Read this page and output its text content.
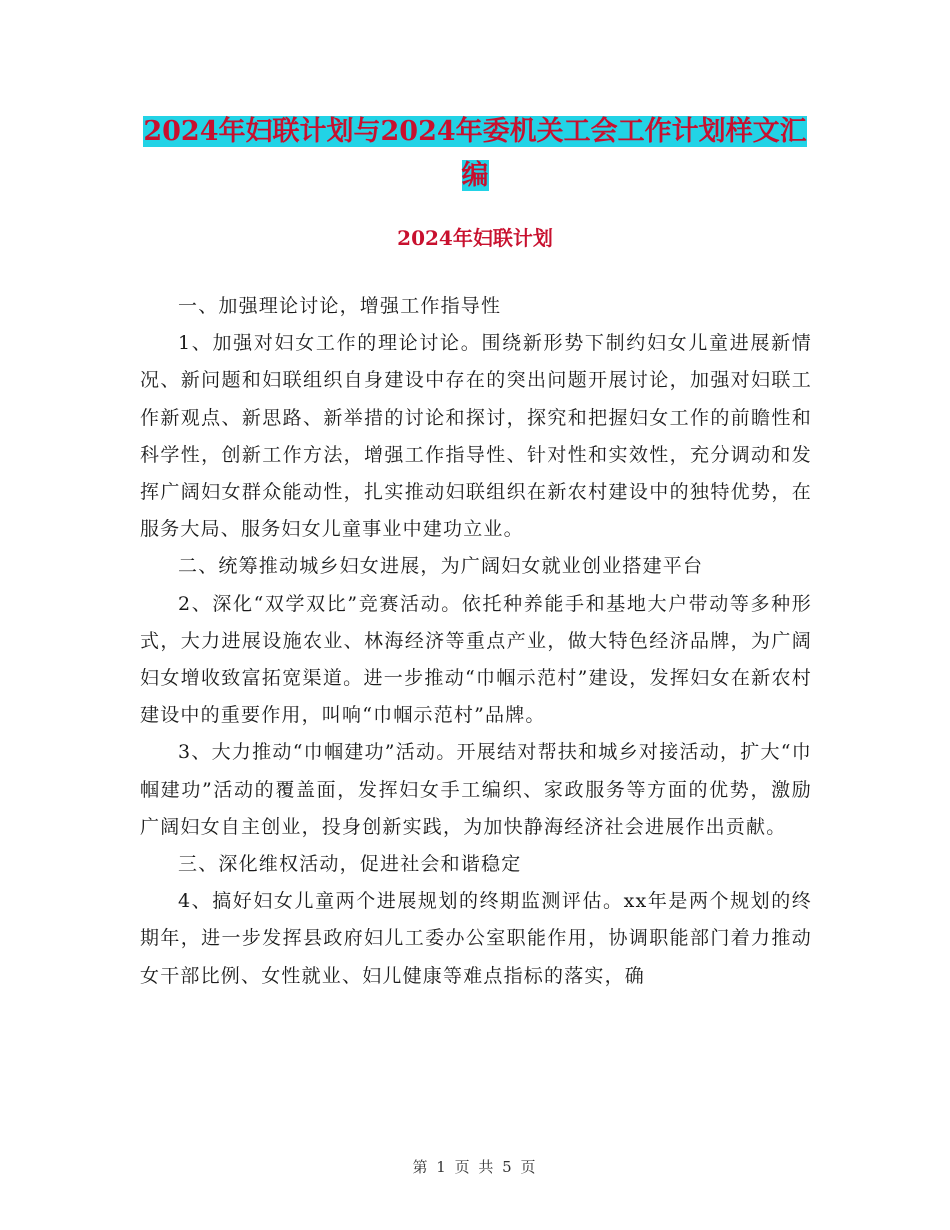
2024年妇联计划与2024年委机关工会工作计划样文汇
编
2024年妇联计划

一、加强理论讨论，增强工作指导性

1、加强对妇女工作的理论讨论。围绕新形势下制约妇女儿童进展新情况、新问题和妇联组织自身建设中存在的突出问题开展讨论，加强对妇联工作新观点、新思路、新举措的讨论和探讨，探究和把握妇女工作的前瞻性和科学性，创新工作方法，增强工作指导性、针对性和实效性，充分调动和发挥广阔妇女群众能动性，扎实推动妇联组织在新农村建设中的独特优势，在服务大局、服务妇女儿童事业中建功立业。

二、统筹推动城乡妇女进展，为广阔妇女就业创业搭建平台

2、深化“双学双比”竞赛活动。依托种养能手和基地大户带动等多种形式，大力进展设施农业、林海经济等重点产业，做大特色经济品牌，为广阔妇女增收致富拓宽渠道。进一步推动“巾帼示范村”建设，发挥妇女在新农村建设中的重要作用，叫响“巾帼示范村”品牌。

3、大力推动“巾帼建功”活动。开展结对帮扶和城乡对接活动，扩大“巾帼建功”活动的覆盖面，发挥妇女手工编织、家政服务等方面的优势，激励广阔妇女自主创业，投身创新实践，为加快静海经济社会进展作出贡献。

三、深化维权活动，促进社会和谐稳定

4、搞好妇女儿童两个进展规划的终期监测评估。xx年是两个规划的终期年，进一步发挥县政府妇儿工委办公室职能作用，协调职能部门着力推动女干部比例、女性就业、妇儿健康等难点指标的落实，确

第 1 页 共 5 页
